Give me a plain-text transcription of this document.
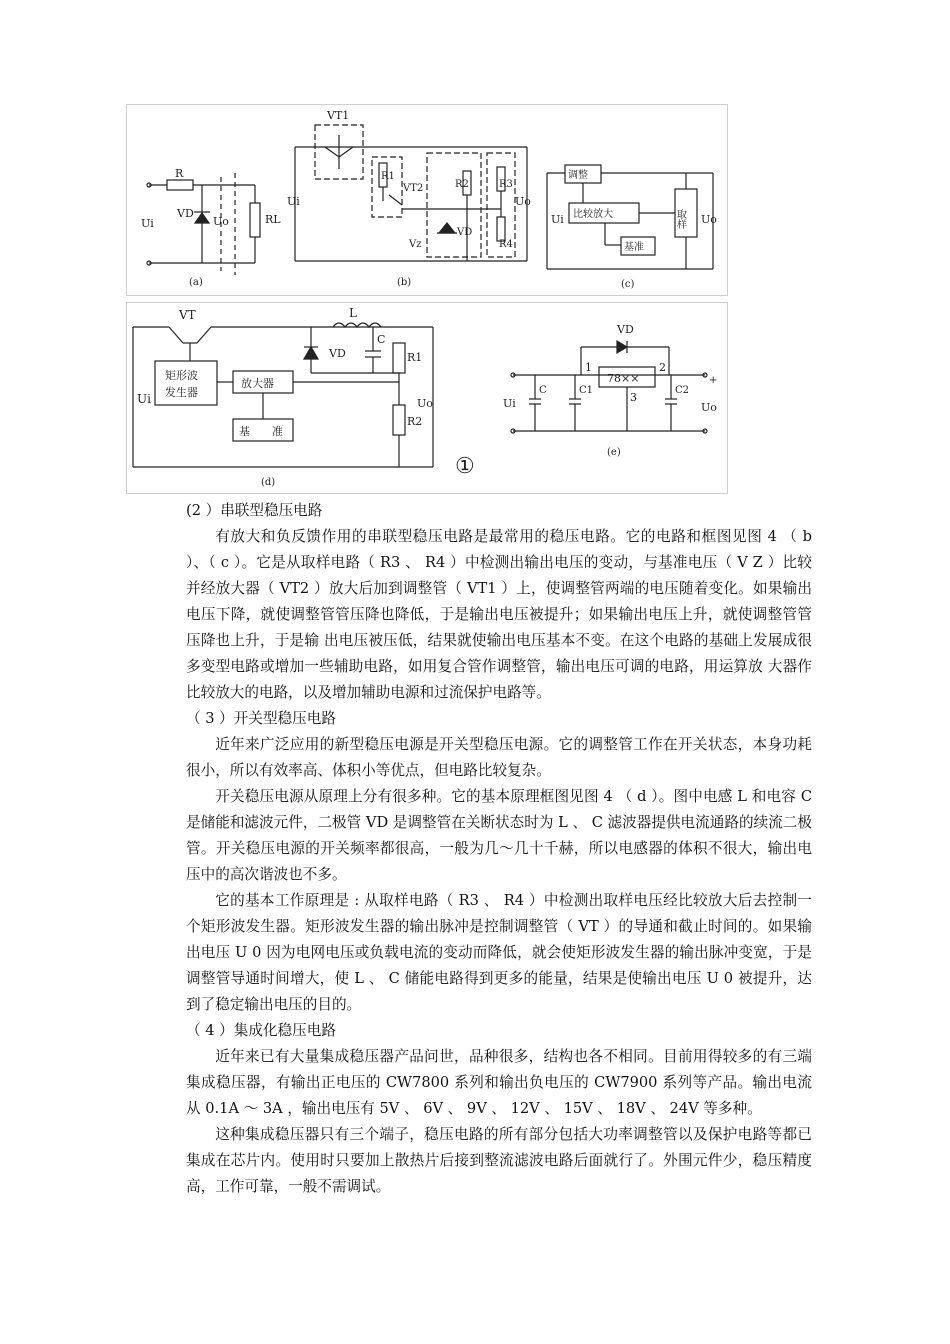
R
Ui
VD
Uo	RL
(a)
VT1
R1
VT2	R2	R3
Ui	Uo
Vz
VD
R4
(b)
调整
比较放大
基准
取样
Ui	Uo
(c)
VT	L
VD
C
R1
R2
Ui	Uo
矩形波
发生器
放大器
基　　准
(d)
①
VD
1	2
3
78××
C	C1	C2
Ui	Uo
+
(e)

(2 ）串联型稳压电路

有放大和负反馈作用的串联型稳压电路是最常用的稳压电路。它的电路和框图见图 4 （ b ）、（ c ）。它是从取样电路（ R3 、 R4 ）中检测出输出电压的变动，与基准电压（ V Z ）比较并经放大器（ VT2 ）放大后加到调整管（ VT1 ）上，使调整管两端的电压随着变化。如果输出电压下降，就使调整管管压降也降低，于是输出电压被提升；如果输出电压上升，就使调整管管压降也上升，于是输 出电压被压低，结果就使输出电压基本不变。在这个电路的基础上发展成很多变型电路或增加一些辅助电路，如用复合管作调整管，输出电压可调的电路，用运算放 大器作比较放大的电路，以及增加辅助电源和过流保护电路等。

（ 3 ）开关型稳压电路

近年来广泛应用的新型稳压电源是开关型稳压电源。它的调整管工作在开关状态，本身功耗很小，所以有效率高、体积小等优点，但电路比较复杂。

开关稳压电源从原理上分有很多种。它的基本原理框图见图 4 （ d ）。图中电感 L 和电容 C 是储能和滤波元件，二极管 VD 是调整管在关断状态时为 L 、 C 滤波器提供电流通路的续流二极管。开关稳压电源的开关频率都很高，一般为几～几十千赫，所以电感器的体积不很大，输出电压中的高次谐波也不多。

它的基本工作原理是 : 从取样电路（ R3 、 R4 ）中检测出取样电压经比较放大后去控制一个矩形波发生器。矩形波发生器的输出脉冲是控制调整管（ VT ）的导通和截止时间的。如果输出电压 U 0 因为电网电压或负载电流的变动而降低，就会使矩形波发生器的输出脉冲变宽，于是调整管导通时间增大，使 L 、 C 储能电路得到更多的能量，结果是使输出电压 U 0 被提升，达到了稳定输出电压的目的。

（ 4 ）集成化稳压电路

近年来已有大量集成稳压器产品问世，品种很多，结构也各不相同。目前用得较多的有三端集成稳压器，有输出正电压的 CW7800 系列和输出负电压的 CW7900 系列等产品。输出电流从 0.1A ～ 3A ，输出电压有 5V 、 6V 、 9V 、 12V 、 15V 、 18V 、 24V 等多种。

这种集成稳压器只有三个端子，稳压电路的所有部分包括大功率调整管以及保护电路等都已集成在芯片内。使用时只要加上散热片后接到整流滤波电路后面就行了。外围元件少，稳压精度高，工作可靠，一般不需调试。
